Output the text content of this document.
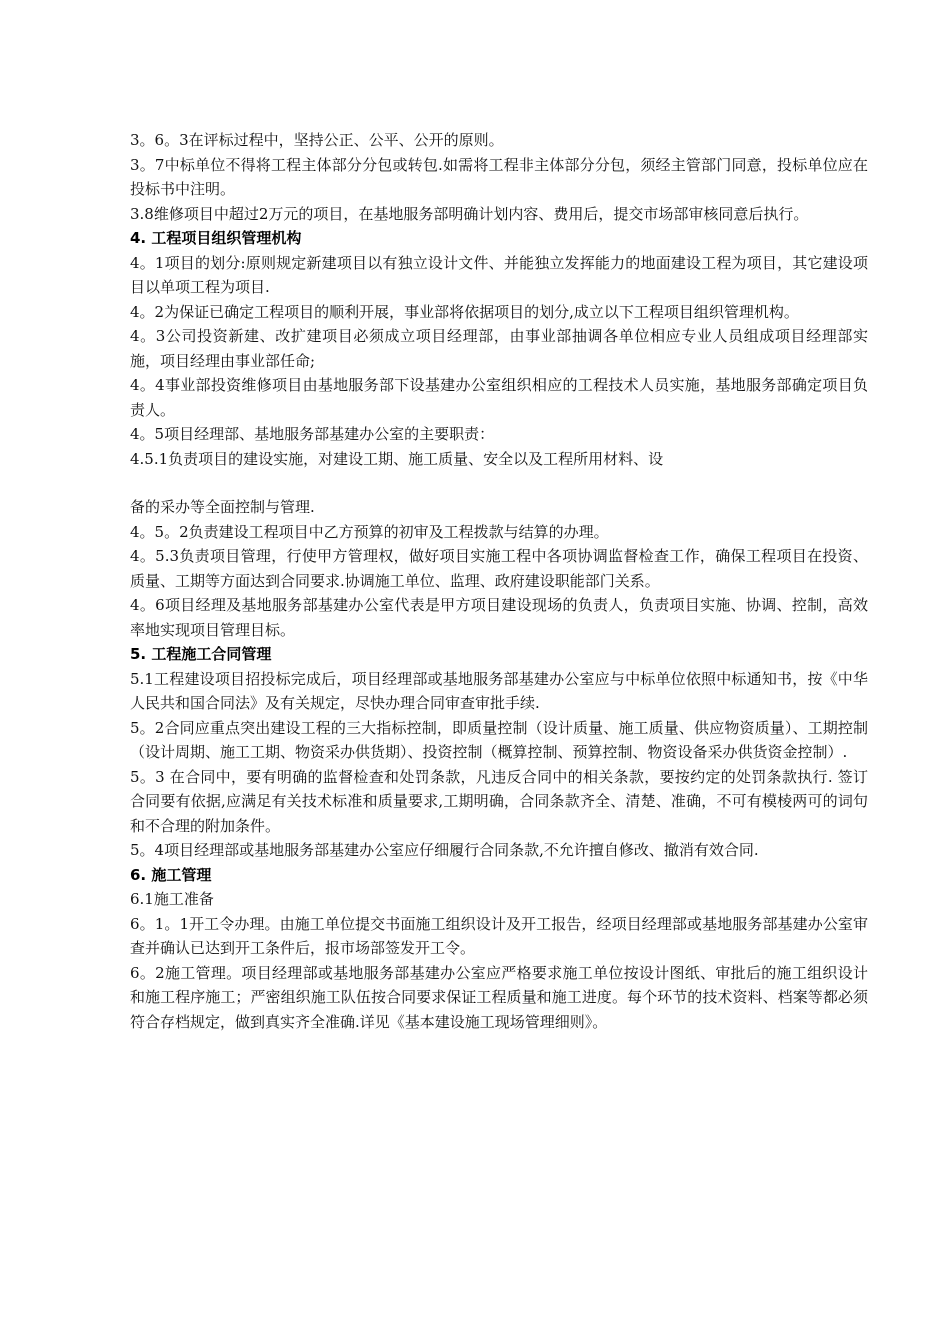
3。6。3在评标过程中，坚持公正、公平、公开的原则。
3。7中标单位不得将工程主体部分分包或转包.如需将工程非主体部分分包，须经主管部门同意，投标单位应在投标书中注明。
3.8维修项目中超过2万元的项目，在基地服务部明确计划内容、费用后，提交市场部审核同意后执行。
4. 工程项目组织管理机构
4。1项目的划分:原则规定新建项目以有独立设计文件、并能独立发挥能力的地面建设工程为项目，其它建设项目以单项工程为项目.
4。2为保证已确定工程项目的顺利开展，事业部将依据项目的划分,成立以下工程项目组织管理机构。
4。3公司投资新建、改扩建项目必须成立项目经理部，由事业部抽调各单位相应专业人员组成项目经理部实施，项目经理由事业部任命;
4。4事业部投资维修项目由基地服务部下设基建办公室组织相应的工程技术人员实施，基地服务部确定项目负责人。
4。5项目经理部、基地服务部基建办公室的主要职责：
4.5.1负责项目的建设实施，对建设工期、施工质量、安全以及工程所用材料、设
备的采办等全面控制与管理.
4。5。2负责建设工程项目中乙方预算的初审及工程拨款与结算的办理。
4。5.3负责项目管理，行使甲方管理权，做好项目实施工程中各项协调监督检查工作，确保工程项目在投资、质量、工期等方面达到合同要求.协调施工单位、监理、政府建设职能部门关系。
4。6项目经理及基地服务部基建办公室代表是甲方项目建设现场的负责人，负责项目实施、协调、控制，高效率地实现项目管理目标。
5. 工程施工合同管理
5.1工程建设项目招投标完成后，项目经理部或基地服务部基建办公室应与中标单位依照中标通知书，按《中华人民共和国合同法》及有关规定，尽快办理合同审查审批手续.
5。2合同应重点突出建设工程的三大指标控制，即质量控制（设计质量、施工质量、供应物资质量）、工期控制（设计周期、施工工期、物资采办供货期）、投资控制（概算控制、预算控制、物资设备采办供货资金控制）.
5。3 在合同中，要有明确的监督检查和处罚条款，凡违反合同中的相关条款，要按约定的处罚条款执行. 签订合同要有依据,应满足有关技术标准和质量要求,工期明确，合同条款齐全、清楚、准确，不可有模棱两可的词句和不合理的附加条件。
5。4项目经理部或基地服务部基建办公室应仔细履行合同条款,不允许擅自修改、撤消有效合同.
6. 施工管理
6.1施工准备
6。1。1开工令办理。由施工单位提交书面施工组织设计及开工报告，经项目经理部或基地服务部基建办公室审查并确认已达到开工条件后，报市场部签发开工令。
6。2施工管理。项目经理部或基地服务部基建办公室应严格要求施工单位按设计图纸、审批后的施工组织设计和施工程序施工；严密组织施工队伍按合同要求保证工程质量和施工进度。每个环节的技术资料、档案等都必须符合存档规定，做到真实齐全准确.详见《基本建设施工现场管理细则》。
